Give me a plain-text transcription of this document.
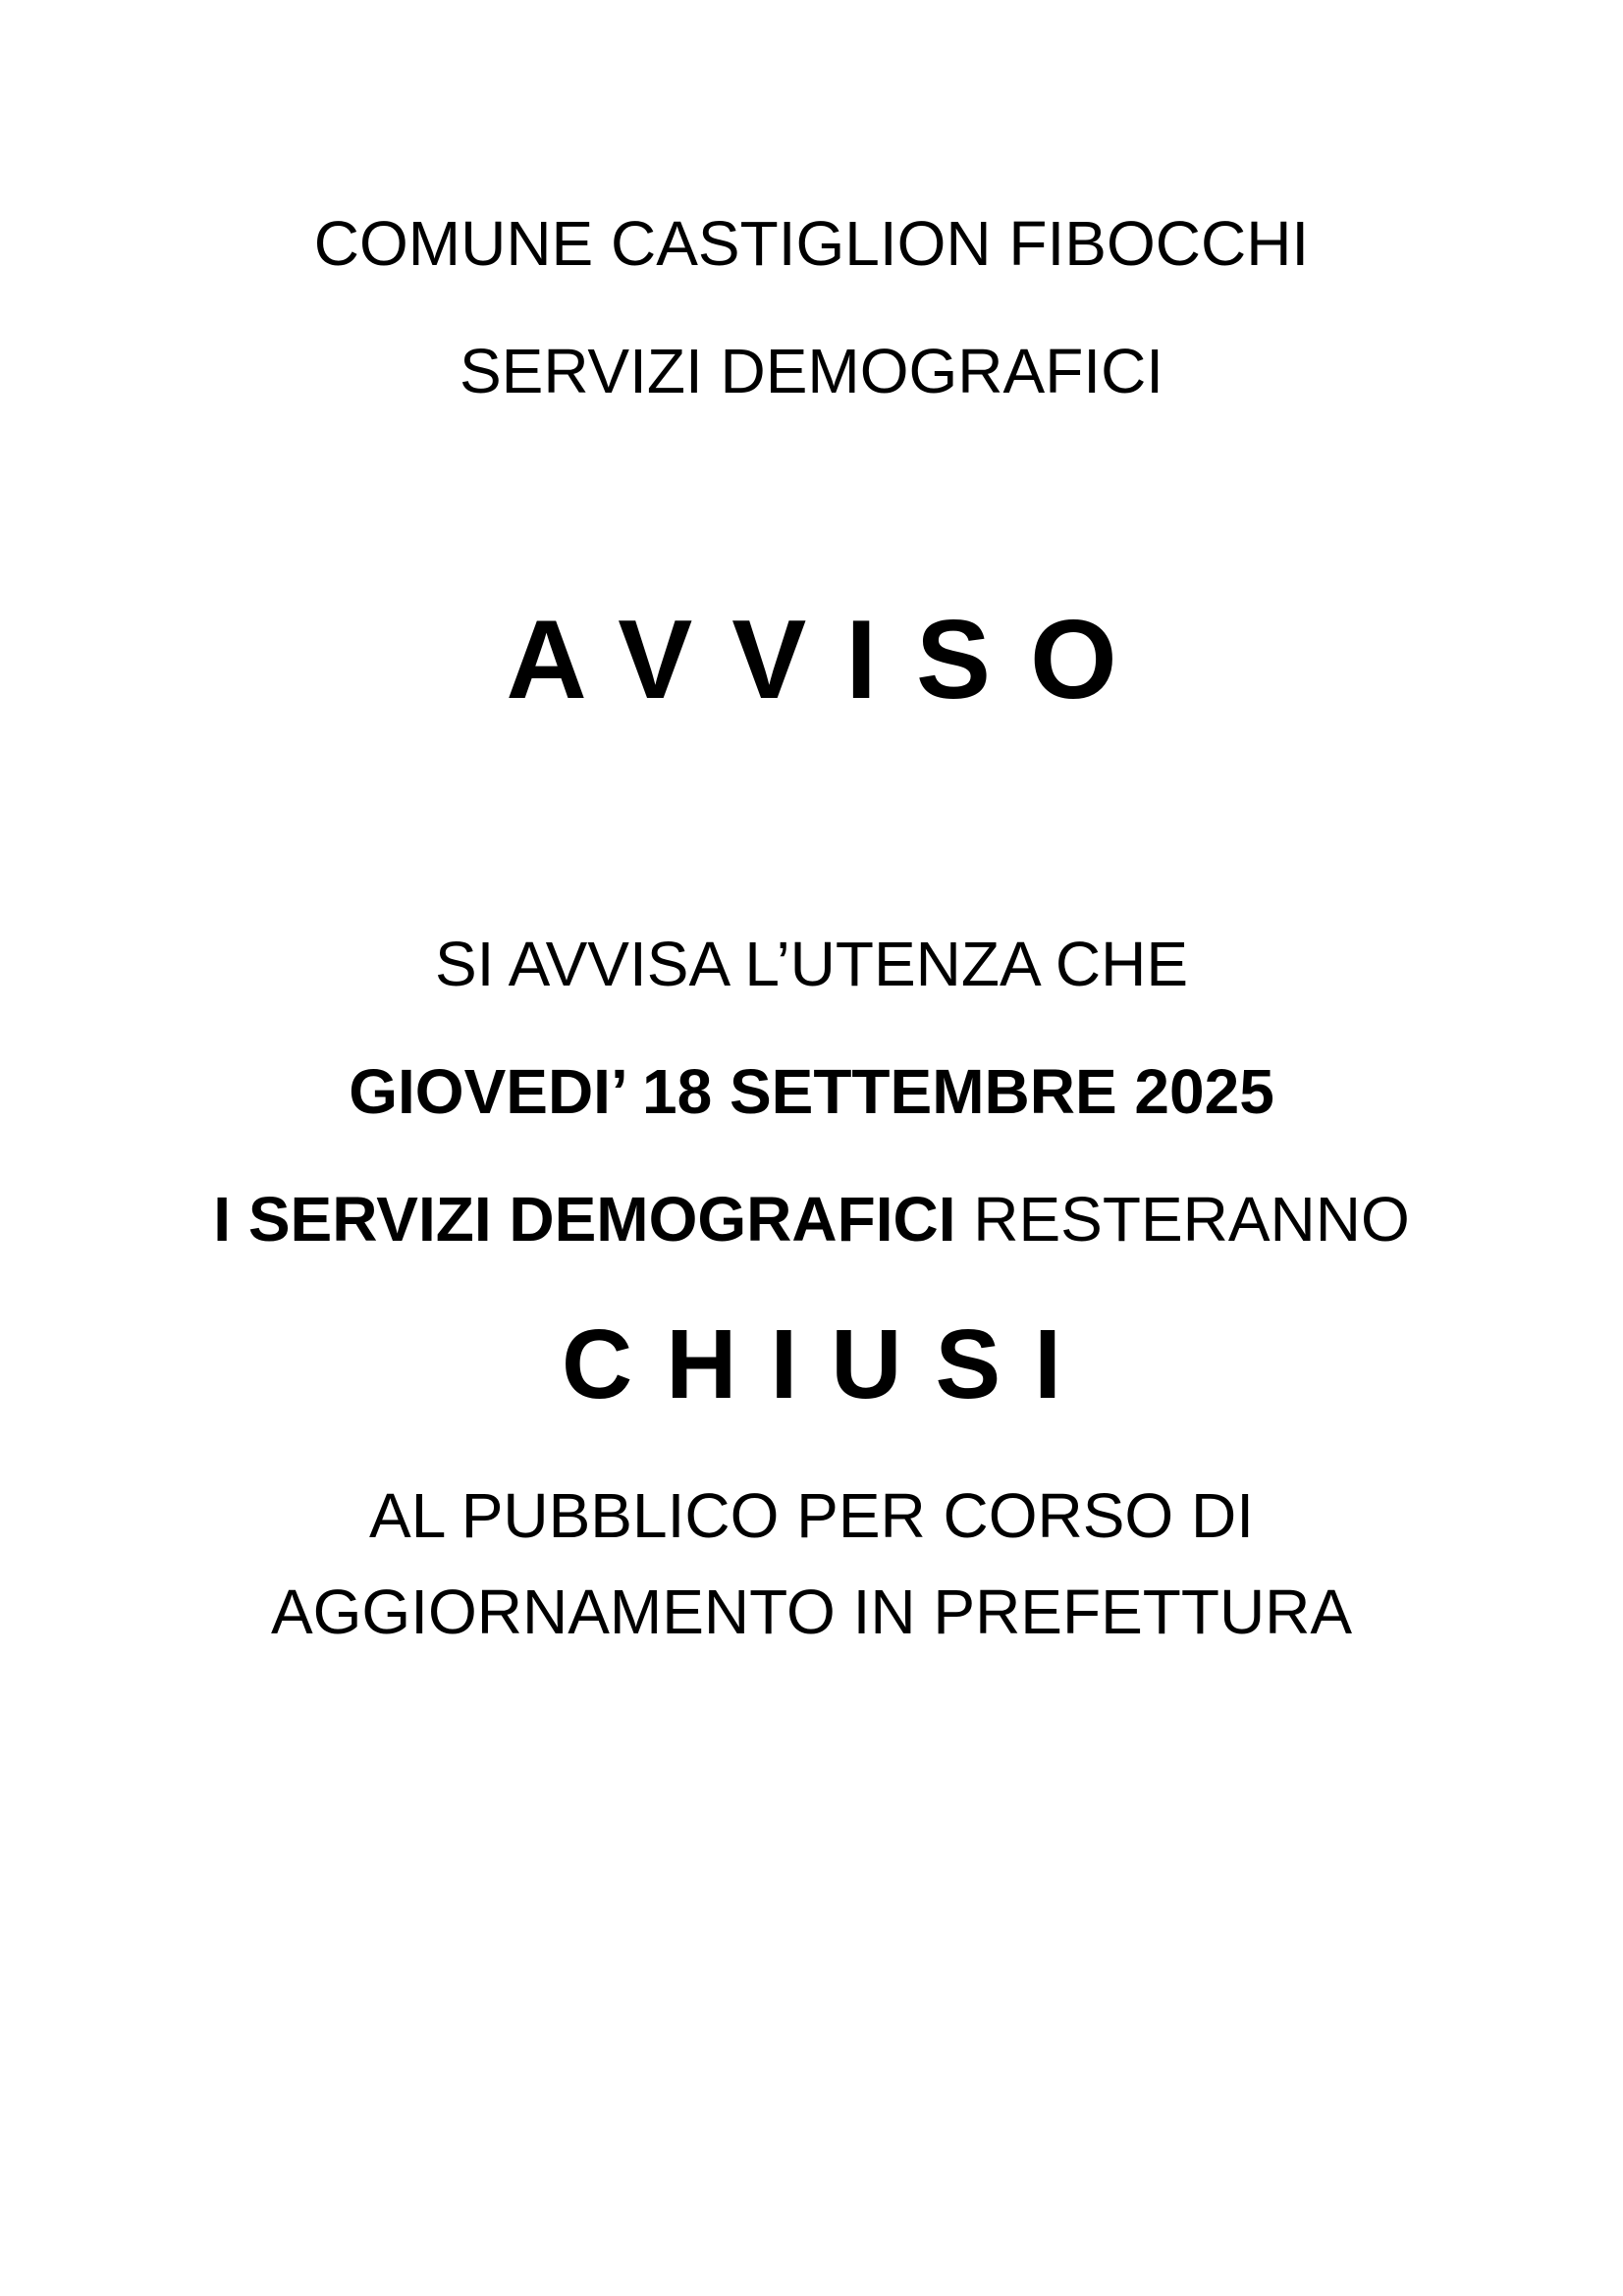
COMUNE CASTIGLION FIBOCCHI
SERVIZI DEMOGRAFICI
AVVISO
SI AVVISA L’UTENZA CHE
GIOVEDI’ 18 SETTEMBRE 2025
I SERVIZI DEMOGRAFICI RESTERANNO
CHIUSI
AL PUBBLICO PER CORSO DI
AGGIORNAMENTO IN PREFETTURA
